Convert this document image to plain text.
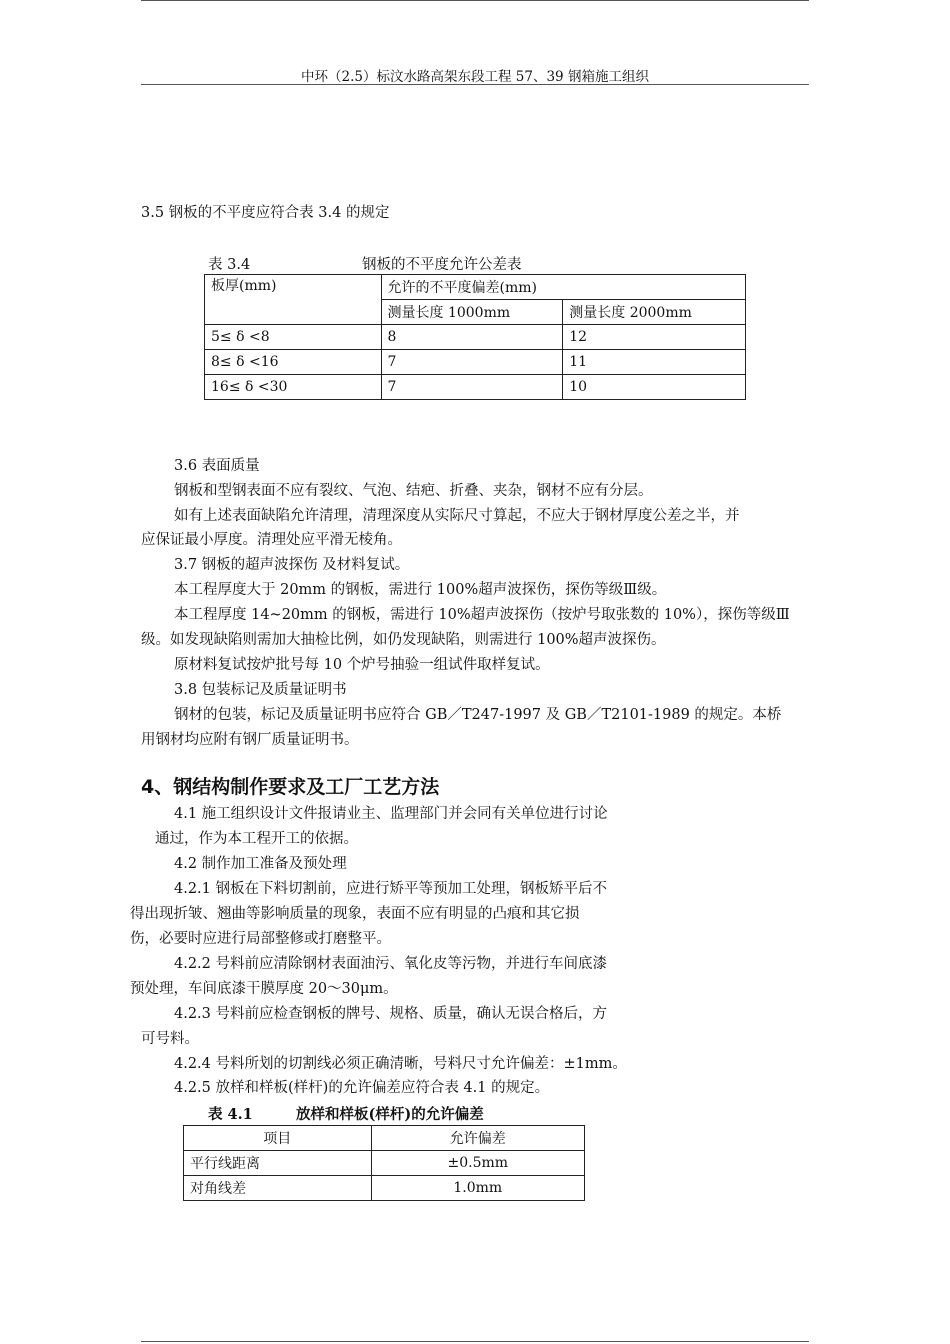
中环（2.5）标汶水路高架东段工程 57、39 钢箱施工组织
3.5 钢板的不平度应符合表 3.4 的规定
表 3.4	钢板的不平度允许公差表
板厚(mm)	允许的不平度偏差(mm)	
	测量长度 1000mm	测量长度 2000mm
5≤ δ <8	8	12
8≤ δ <16	7	11
16≤ δ <30	7	10
3.6 表面质量
钢板和型钢表面不应有裂纹、气泡、结疤、折叠、夹杂，钢材不应有分层。
如有上述表面缺陷允许清理，清理深度从实际尺寸算起，不应大于钢材厚度公差之半，并
应保证最小厚度。清理处应平滑无棱角。
3.7 钢板的超声波探伤 及材料复试。
本工程厚度大于 20mm 的钢板，需进行 100%超声波探伤，探伤等级Ⅲ级。
本工程厚度 14~20mm 的钢板，需进行 10%超声波探伤（按炉号取张数的 10%），探伤等级Ⅲ
级。如发现缺陷则需加大抽检比例，如仍发现缺陷，则需进行 100%超声波探伤。
原材料复试按炉批号每 10 个炉号抽验一组试件取样复试。
3.8 包装标记及质量证明书
钢材的包装，标记及质量证明书应符合 GB／T247-1997 及 GB／T2101-1989 的规定。本桥
用钢材均应附有钢厂质量证明书。
4、钢结构制作要求及工厂工艺方法
4.1 施工组织设计文件报请业主、监理部门并会同有关单位进行讨论
通过，作为本工程开工的依据。
4.2 制作加工准备及预处理
4.2.1 钢板在下料切割前，应进行矫平等预加工处理，钢板矫平后不
得出现折皱、翘曲等影响质量的现象，表面不应有明显的凸痕和其它损
伤，必要时应进行局部整修或打磨整平。
4.2.2 号料前应清除钢材表面油污、氧化皮等污物，并进行车间底漆
预处理，车间底漆干膜厚度 20～30μm。
4.2.3 号料前应检查钢板的牌号、规格、质量，确认无误合格后，方
可号料。
4.2.4 号料所划的切割线必须正确清晰，号料尺寸允许偏差：±1mm。
4.2.5 放样和样板(样杆)的允许偏差应符合表 4.1 的规定。
表 4.1	放样和样板(样杆)的允许偏差
项目	允许偏差
平行线距离	±0.5mm
对角线差	1.0mm
